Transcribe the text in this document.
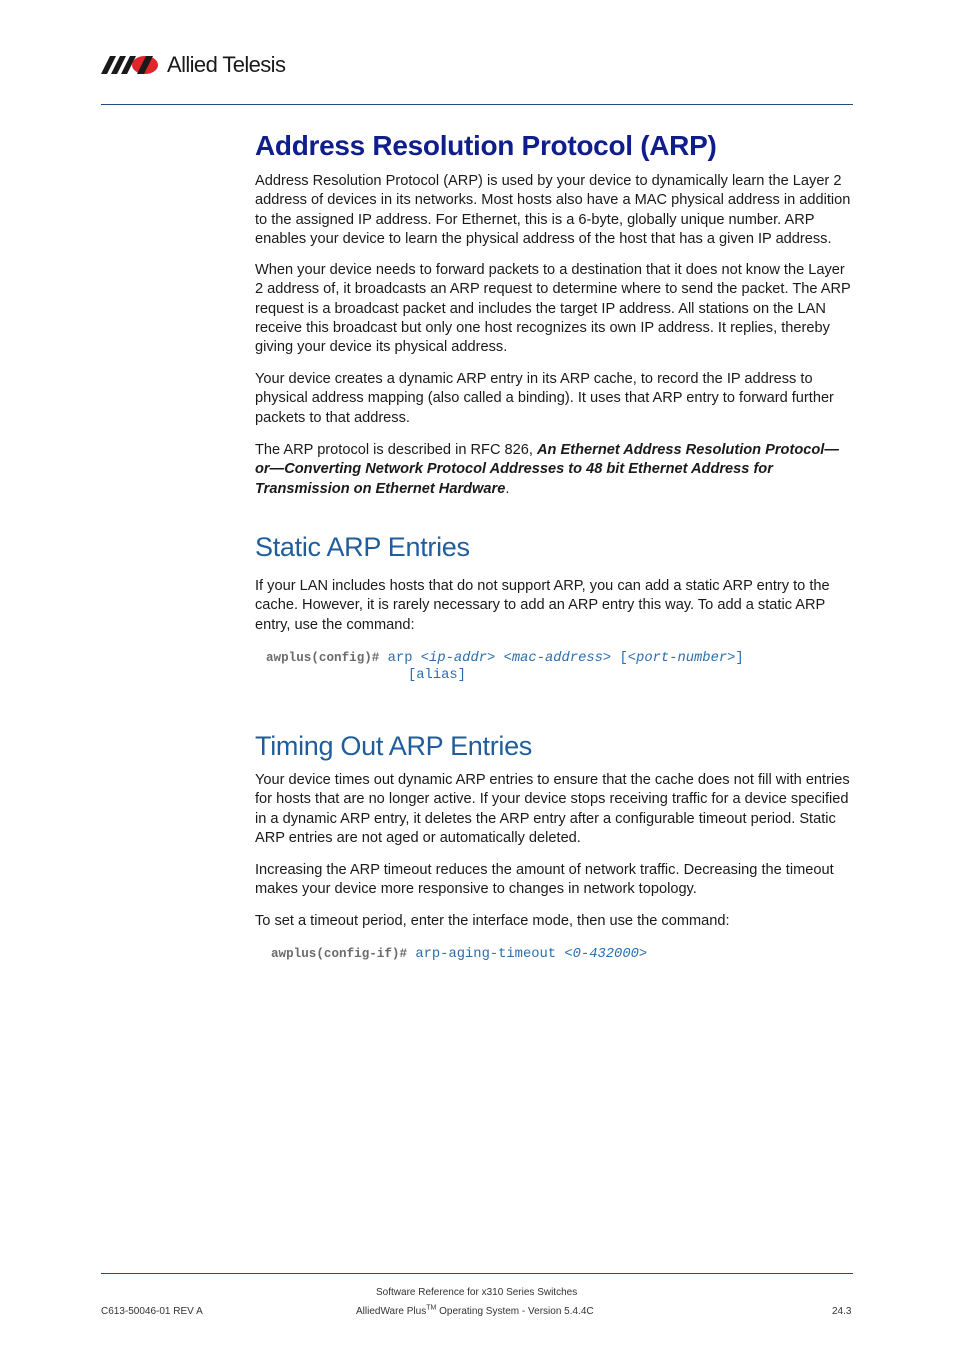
Allied Telesis
Address Resolution Protocol (ARP)

Address Resolution Protocol (ARP) is used by your device to dynamically learn the Layer 2 address of devices in its networks. Most hosts also have a MAC physical address in addition to the assigned IP address. For Ethernet, this is a 6-byte, globally unique number. ARP enables your device to learn the physical address of the host that has a given IP address.

When your device needs to forward packets to a destination that it does not know the Layer 2 address of, it broadcasts an ARP request to determine where to send the packet. The ARP request is a broadcast packet and includes the target IP address. All stations on the LAN receive this broadcast but only one host recognizes its own IP address. It replies, thereby giving your device its physical address.

Your device creates a dynamic ARP entry in its ARP cache, to record the IP address to physical address mapping (also called a binding). It uses that ARP entry to forward further packets to that address.

The ARP protocol is described in RFC 826, An Ethernet Address Resolution Protocol—or—Converting Network Protocol Addresses to 48 bit Ethernet Address for Transmission on Ethernet Hardware.

Static ARP Entries

If your LAN includes hosts that do not support ARP, you can add a static ARP entry to the cache. However, it is rarely necessary to add an ARP entry this way. To add a static ARP entry, use the command:

awplus(config)# arp <ip-addr> <mac-address> [<port-number>]
[alias]
Timing Out ARP Entries

Your device times out dynamic ARP entries to ensure that the cache does not fill with entries for hosts that are no longer active. If your device stops receiving traffic for a device specified in a dynamic ARP entry, it deletes the ARP entry after a configurable timeout period. Static ARP entries are not aged or automatically deleted.

Increasing the ARP timeout reduces the amount of network traffic. Decreasing the timeout makes your device more responsive to changes in network topology.

To set a timeout period, enter the interface mode, then use the command:

awplus(config-if)# arp-aging-timeout <0-432000>
Software Reference for x310 Series Switches
C613-50046-01 REV A	AlliedWare Plus™ Operating System - Version 5.4.4C	24.3
